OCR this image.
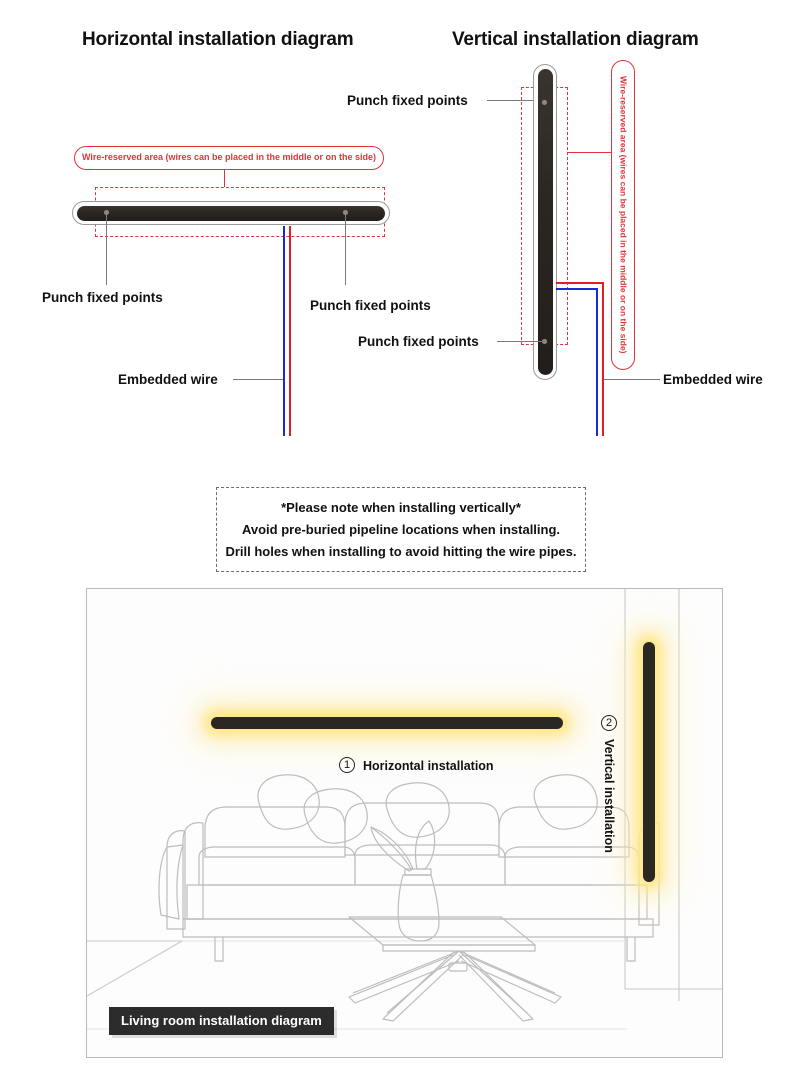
Horizontal installation diagram	Vertical installation diagram
Wire-reserved area (wires can be placed in the middle or on the side)
Punch fixed points
Punch fixed points
Embedded wire
Punch fixed points
Punch fixed points	Wire-reserved area (wires can be placed in the middle or on the side)
Embedded wire
*Please note when installing vertically*
Avoid pre-buried pipeline locations when installing.
Drill holes when installing to avoid hitting the wire pipes.
1	Horizontal installation
2
Vertical installation
Living room installation diagram
